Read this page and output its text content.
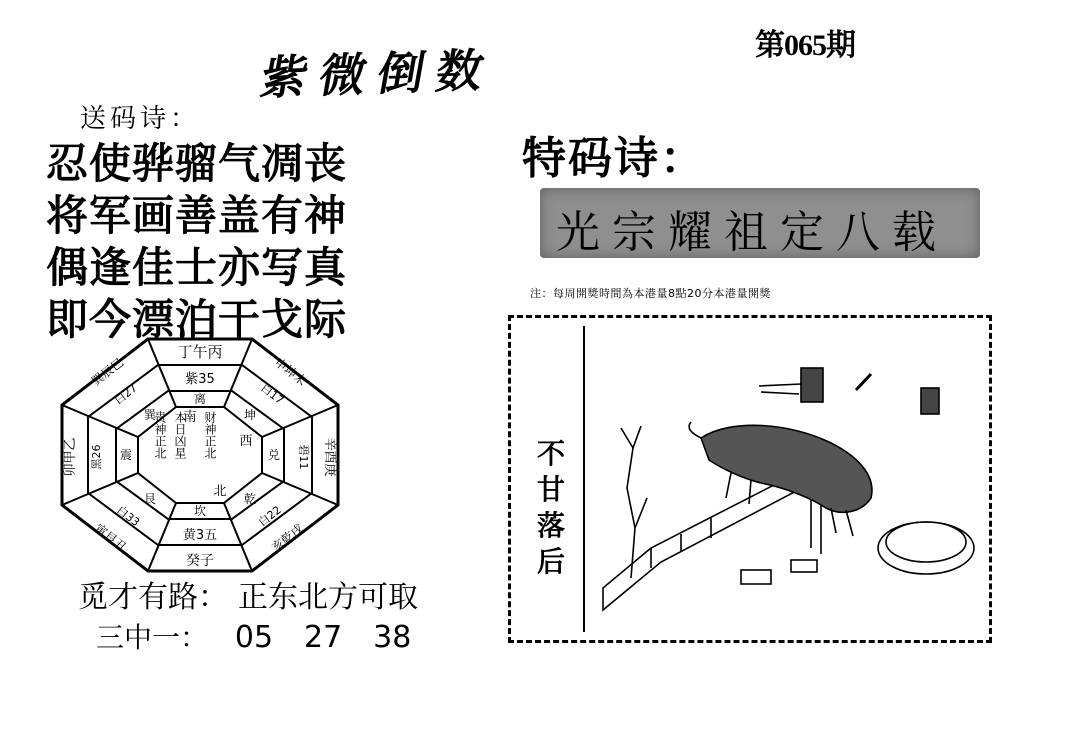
第065期
紫微倒数
送码诗：
忍使骅骝气凋丧
将军画善盖有神
偶逢佳士亦写真
即今漂泊干戈际
丁午丙
申坤未
辛酉庚
亥乾戌
癸子
寅艮丑
卯甲乙
巽辰巳	紫35
白17
碧11
白22
黄3五
白33
黑26
白27	离
坤
兑
乾
坎
艮
震
巽 南
西
北
贵神正北 本日凶星 财神正北
觅才有路： 正东北方可取
三中一： 05 27 38
特码诗：
光宗耀祖定八载
注：每周開獎時間為本港量8點20分本港量開獎
不甘落后
